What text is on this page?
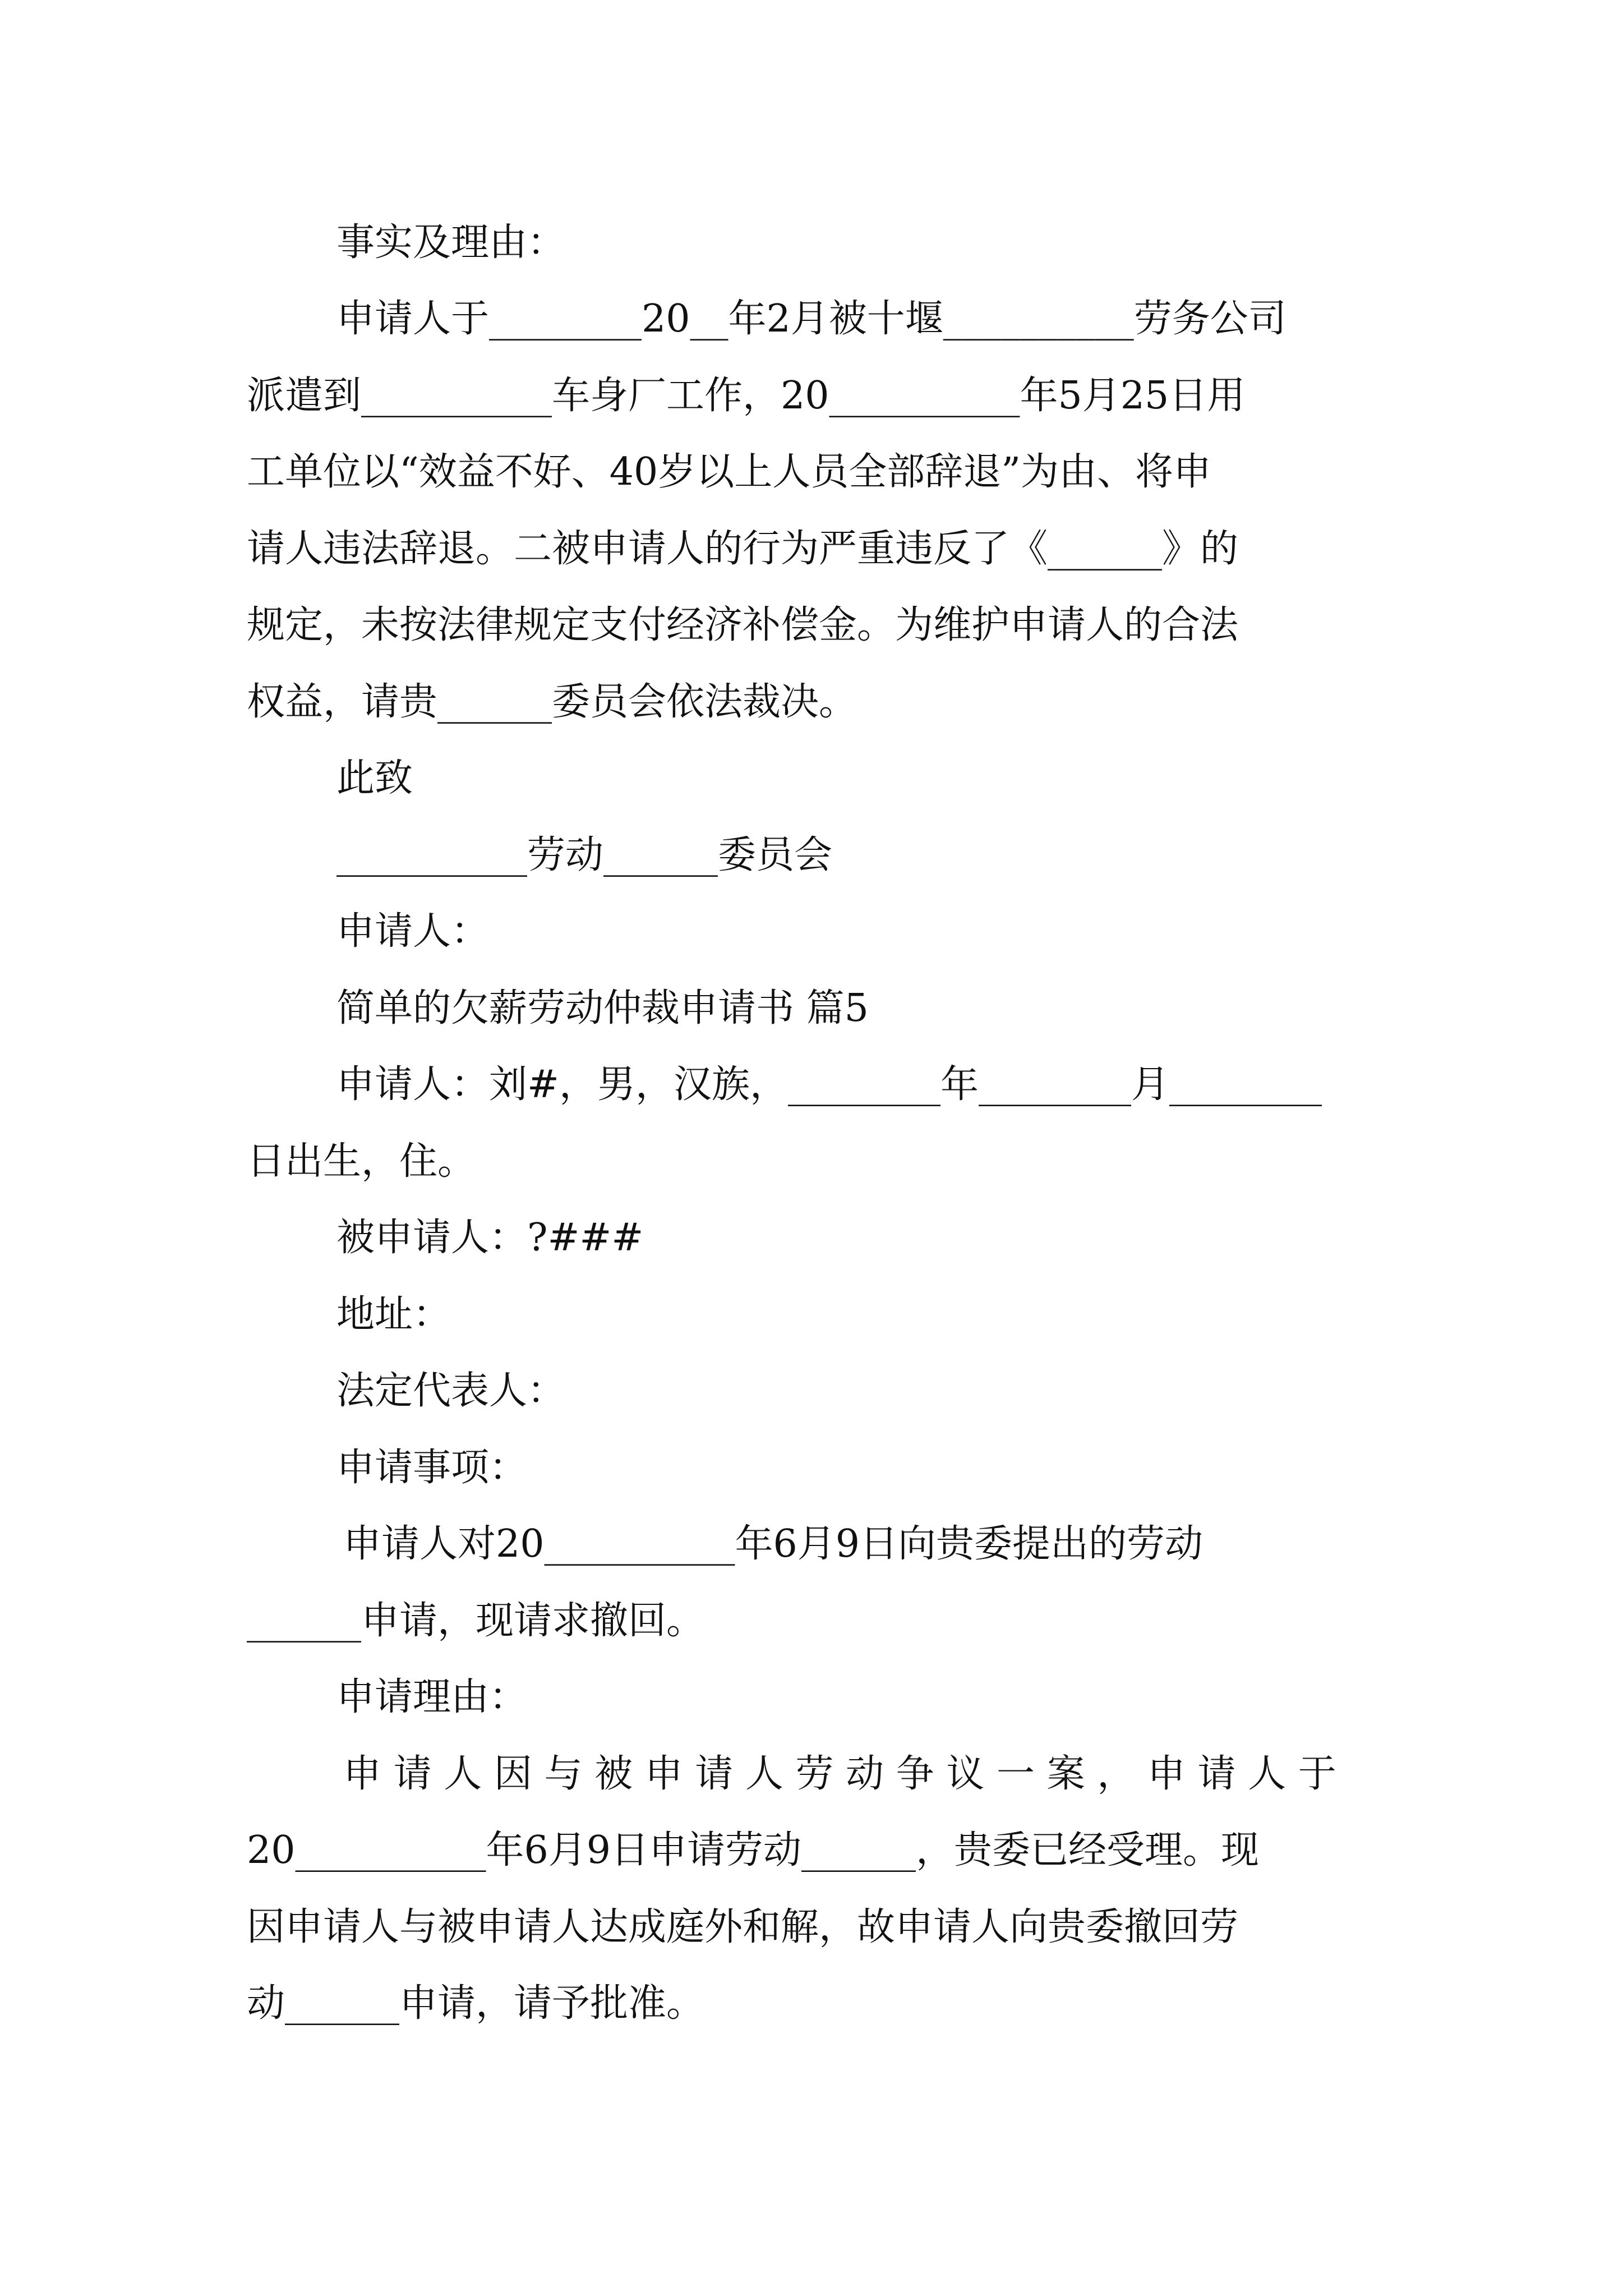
事实及理由：
申请人于________20__年2月被十堰__________劳务公司
派遣到__________车身厂工作，20__________年5月25日用
工单位以“效益不好、40岁以上人员全部辞退”为由、将申
请人违法辞退。二被申请人的行为严重违反了《______》的
规定，未按法律规定支付经济补偿金。为维护申请人的合法
权益，请贵______委员会依法裁决。
此致
__________劳动______委员会
申请人：
简单的欠薪劳动仲裁申请书 篇5
申请人：刘#，男，汉族，________年________月________
日出生，住。
被申请人：?###
地址：
法定代表人：
申请事项：
申请人对20__________年6月9日向贵委提出的劳动
______申请，现请求撤回。
申请理由：
申 请 人 因 与 被 申 请 人 劳 动 争 议 一 案 ， 申 请 人 于
20__________年6月9日申请劳动______，贵委已经受理。现
因申请人与被申请人达成庭外和解，故申请人向贵委撤回劳
动______申请，请予批准。
